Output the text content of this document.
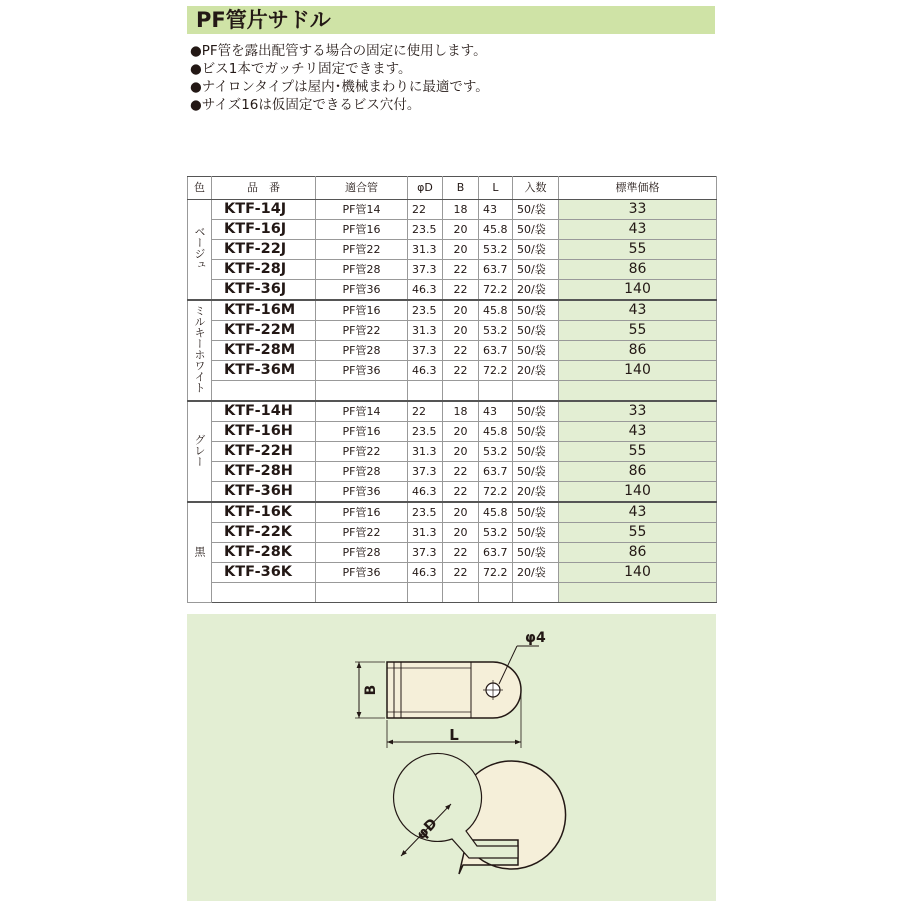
PF管片サドル
● PF管を露出配管する場合の固定に使用します。
● ビス1本でガッチリ固定できます。
● ナイロンタイプは屋内･機械まわりに最適です。
● サイズ16は仮固定できるビス穴付。
色	品　番	適合管	φD	B	L	入数	標準価格
ベージュ	KTF-14J	PF管14	22	18	43	50/袋	33
	KTF-16J	PF管16	23.5	20	45.8	50/袋	43
	KTF-22J	PF管22	31.3	20	53.2	50/袋	55
	KTF-28J	PF管28	37.3	22	63.7	50/袋	86
	KTF-36J	PF管36	46.3	22	72.2	20/袋	140
ミルキーホワイト	KTF-16M	PF管16	23.5	20	45.8	50/袋	43
	KTF-22M	PF管22	31.3	20	53.2	50/袋	55
	KTF-28M	PF管28	37.3	22	63.7	50/袋	86
	KTF-36M	PF管36	46.3	22	72.2	20/袋	140

グレー	KTF-14H	PF管14	22	18	43	50/袋	33
	KTF-16H	PF管16	23.5	20	45.8	50/袋	43
	KTF-22H	PF管22	31.3	20	53.2	50/袋	55
	KTF-28H	PF管28	37.3	22	63.7	50/袋	86
	KTF-36H	PF管36	46.3	22	72.2	20/袋	140
黒	KTF-16K	PF管16	23.5	20	45.8	50/袋	43
	KTF-22K	PF管22	31.3	20	53.2	50/袋	55
	KTF-28K	PF管28	37.3	22	63.7	50/袋	86
	KTF-36K	PF管36	46.3	22	72.2	20/袋	140

φ4
B
L
φD
